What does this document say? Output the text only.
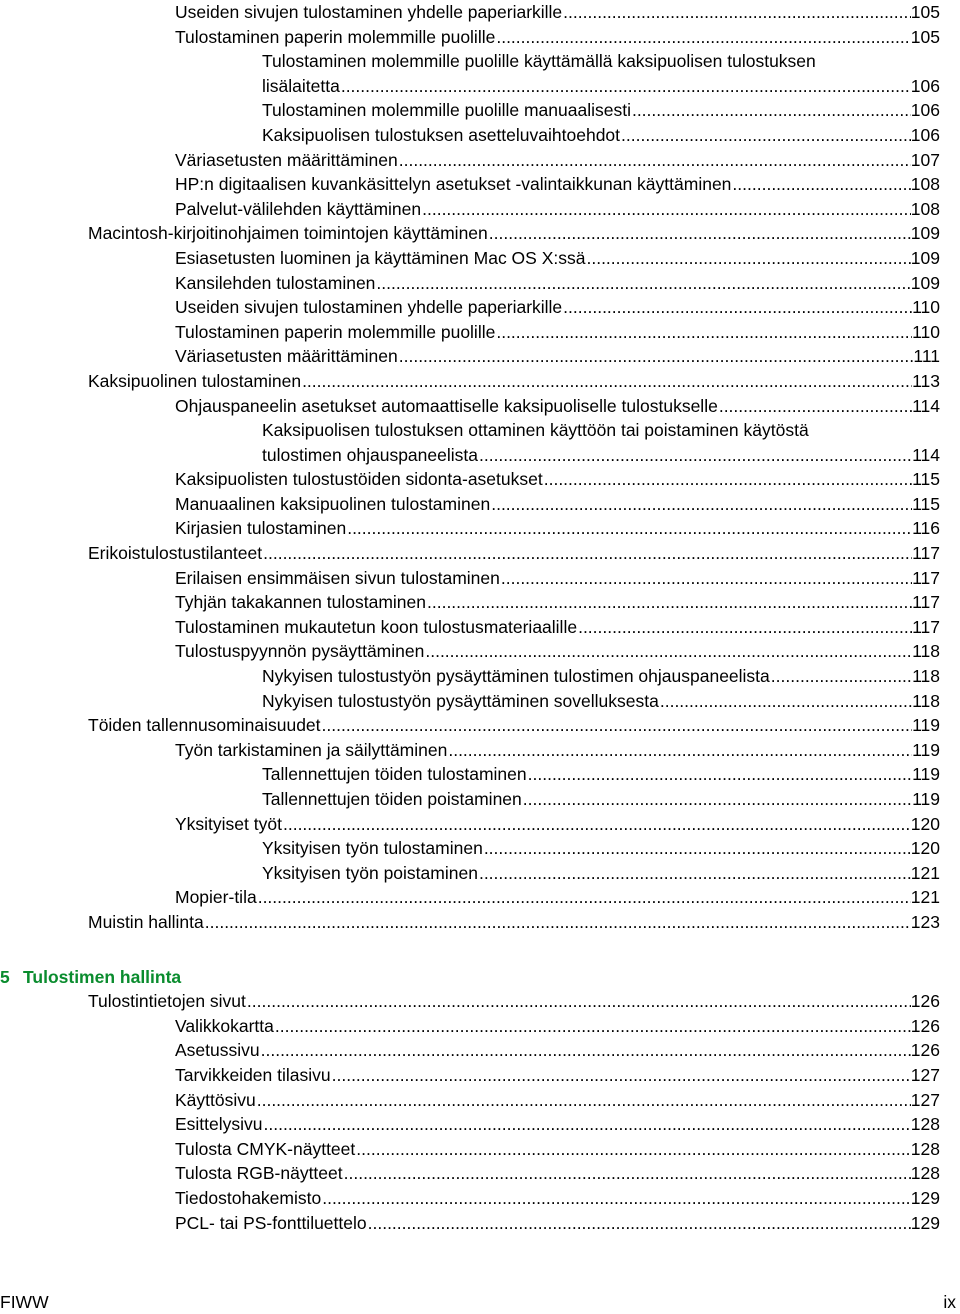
Useiden sivujen tulostaminen yhdelle paperiarkille .....	105
Tulostaminen paperin molemmille puolille .....	105
Tulostaminen molemmille puolille käyttämällä kaksipuolisen tulostuksen
lisälaitetta .....	106
Tulostaminen molemmille puolille manuaalisesti .....	106
Kaksipuolisen tulostuksen asetteluvaihtoehdot .....	106
Väriasetusten määrittäminen .....	107
HP:n digitaalisen kuvankäsittelyn asetukset -valintaikkunan käyttäminen .....	108
Palvelut-välilehden käyttäminen .....	108
Macintosh-kirjoitinohjaimen toimintojen käyttäminen .....	109
Esiasetusten luominen ja käyttäminen Mac OS X:ssä .....	109
Kansilehden tulostaminen .....	109
Useiden sivujen tulostaminen yhdelle paperiarkille .....	110
Tulostaminen paperin molemmille puolille .....	110
Väriasetusten määrittäminen .....	111
Kaksipuolinen tulostaminen .....	113
Ohjauspaneelin asetukset automaattiselle kaksipuoliselle tulostukselle .....	114
Kaksipuolisen tulostuksen ottaminen käyttöön tai poistaminen käytöstä
tulostimen ohjauspaneelista .....	114
Kaksipuolisten tulostustöiden sidonta-asetukset .....	115
Manuaalinen kaksipuolinen tulostaminen .....	115
Kirjasien tulostaminen .....	116
Erikoistulostustilanteet .....	117
Erilaisen ensimmäisen sivun tulostaminen .....	117
Tyhjän takakannen tulostaminen .....	117
Tulostaminen mukautetun koon tulostusmateriaalille .....	117
Tulostuspyynnön pysäyttäminen .....	118
Nykyisen tulostustyön pysäyttäminen tulostimen ohjauspaneelista .....	118
Nykyisen tulostustyön pysäyttäminen sovelluksesta .....	118
Töiden tallennusominaisuudet .....	119
Työn tarkistaminen ja säilyttäminen .....	119
Tallennettujen töiden tulostaminen .....	119
Tallennettujen töiden poistaminen .....	119
Yksityiset työt .....	120
Yksityisen työn tulostaminen .....	120
Yksityisen työn poistaminen .....	121
Mopier-tila .....	121
Muistin hallinta .....	123
5 Tulostimen hallinta
Tulostintietojen sivut .....	126
Valikkokartta .....	126
Asetussivu .....	126
Tarvikkeiden tilasivu .....	127
Käyttösivu .....	127
Esittelysivu .....	128
Tulosta CMYK-näytteet .....	128
Tulosta RGB-näytteet .....	128
Tiedostohakemisto .....	129
PCL- tai PS-fonttiluettelo .....	129
FIWW	ix
